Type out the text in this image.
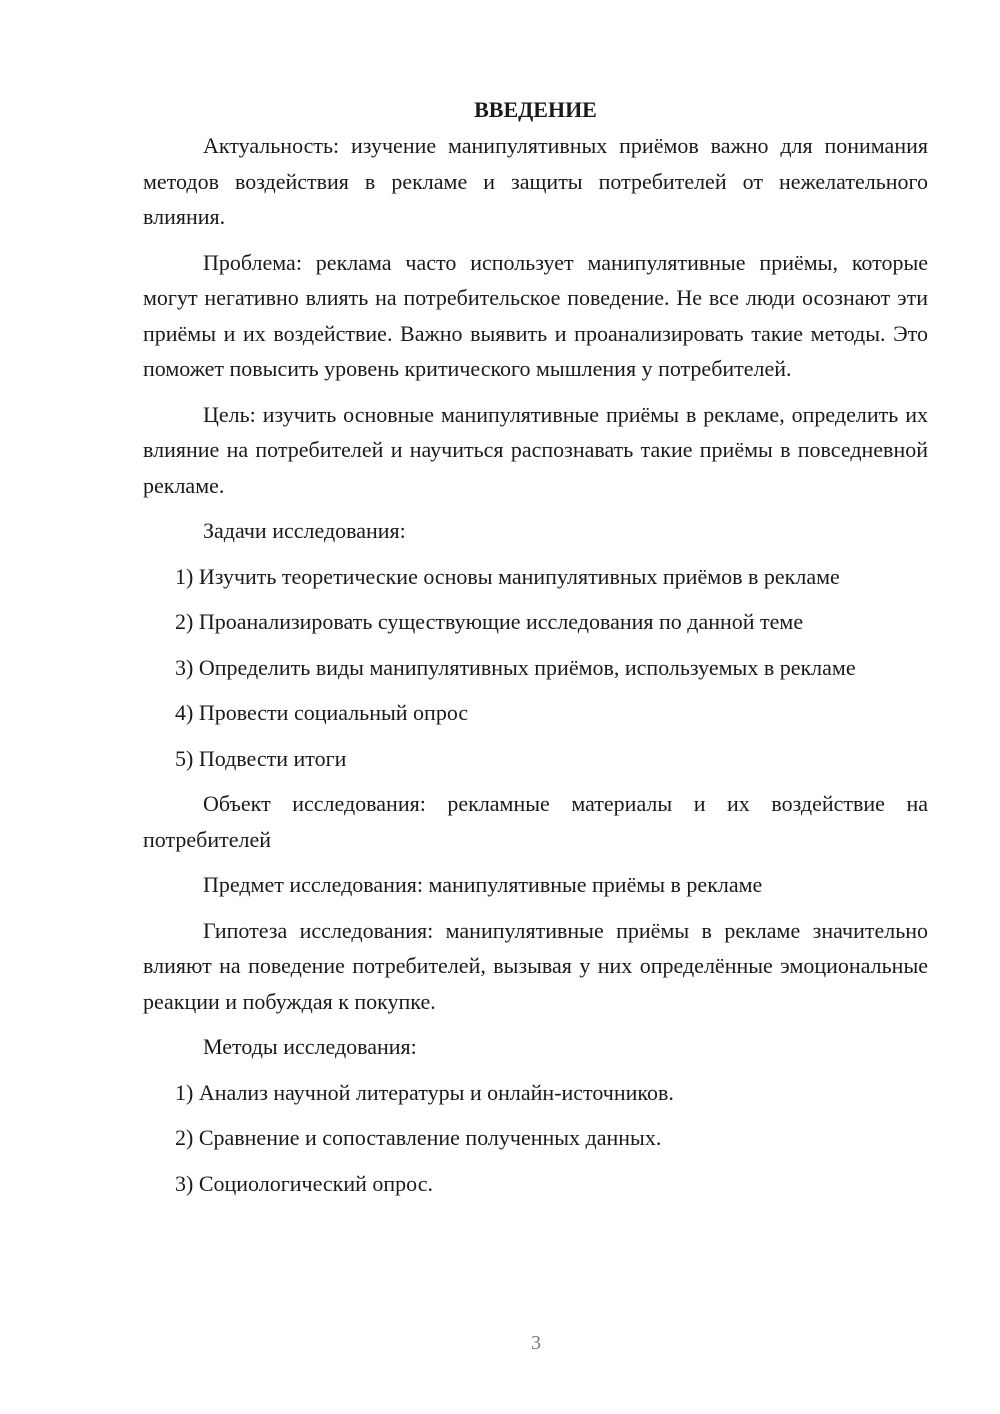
ВВЕДЕНИЕ

Актуальность: изучение манипулятивных приёмов важно для понимания методов воздействия в рекламе и защиты потребителей от нежелательного влияния.

Проблема: реклама часто использует манипулятивные приёмы, которые могут негативно влиять на потребительское поведение. Не все люди осознают эти приёмы и их воздействие. Важно выявить и проанализировать такие методы. Это поможет повысить уровень критического мышления у потребителей.

Цель: изучить основные манипулятивные приёмы в рекламе, определить их влияние на потребителей и научиться распознавать такие приёмы в повседневной рекламе.

Задачи исследования:

1) Изучить теоретические основы манипулятивных приёмов в рекламе

2) Проанализировать существующие исследования по данной теме

3) Определить виды манипулятивных приёмов, используемых в рекламе

4) Провести социальный опрос

5) Подвести итоги

Объект исследования: рекламные материалы и их воздействие на потребителей

Предмет исследования: манипулятивные приёмы в рекламе

Гипотеза исследования: манипулятивные приёмы в рекламе значительно влияют на поведение потребителей, вызывая у них определённые эмоциональные реакции и побуждая к покупке.

Методы исследования:

1) Анализ научной литературы и онлайн-источников.

2) Сравнение и сопоставление полученных данных.

3) Социологический опрос.

3
